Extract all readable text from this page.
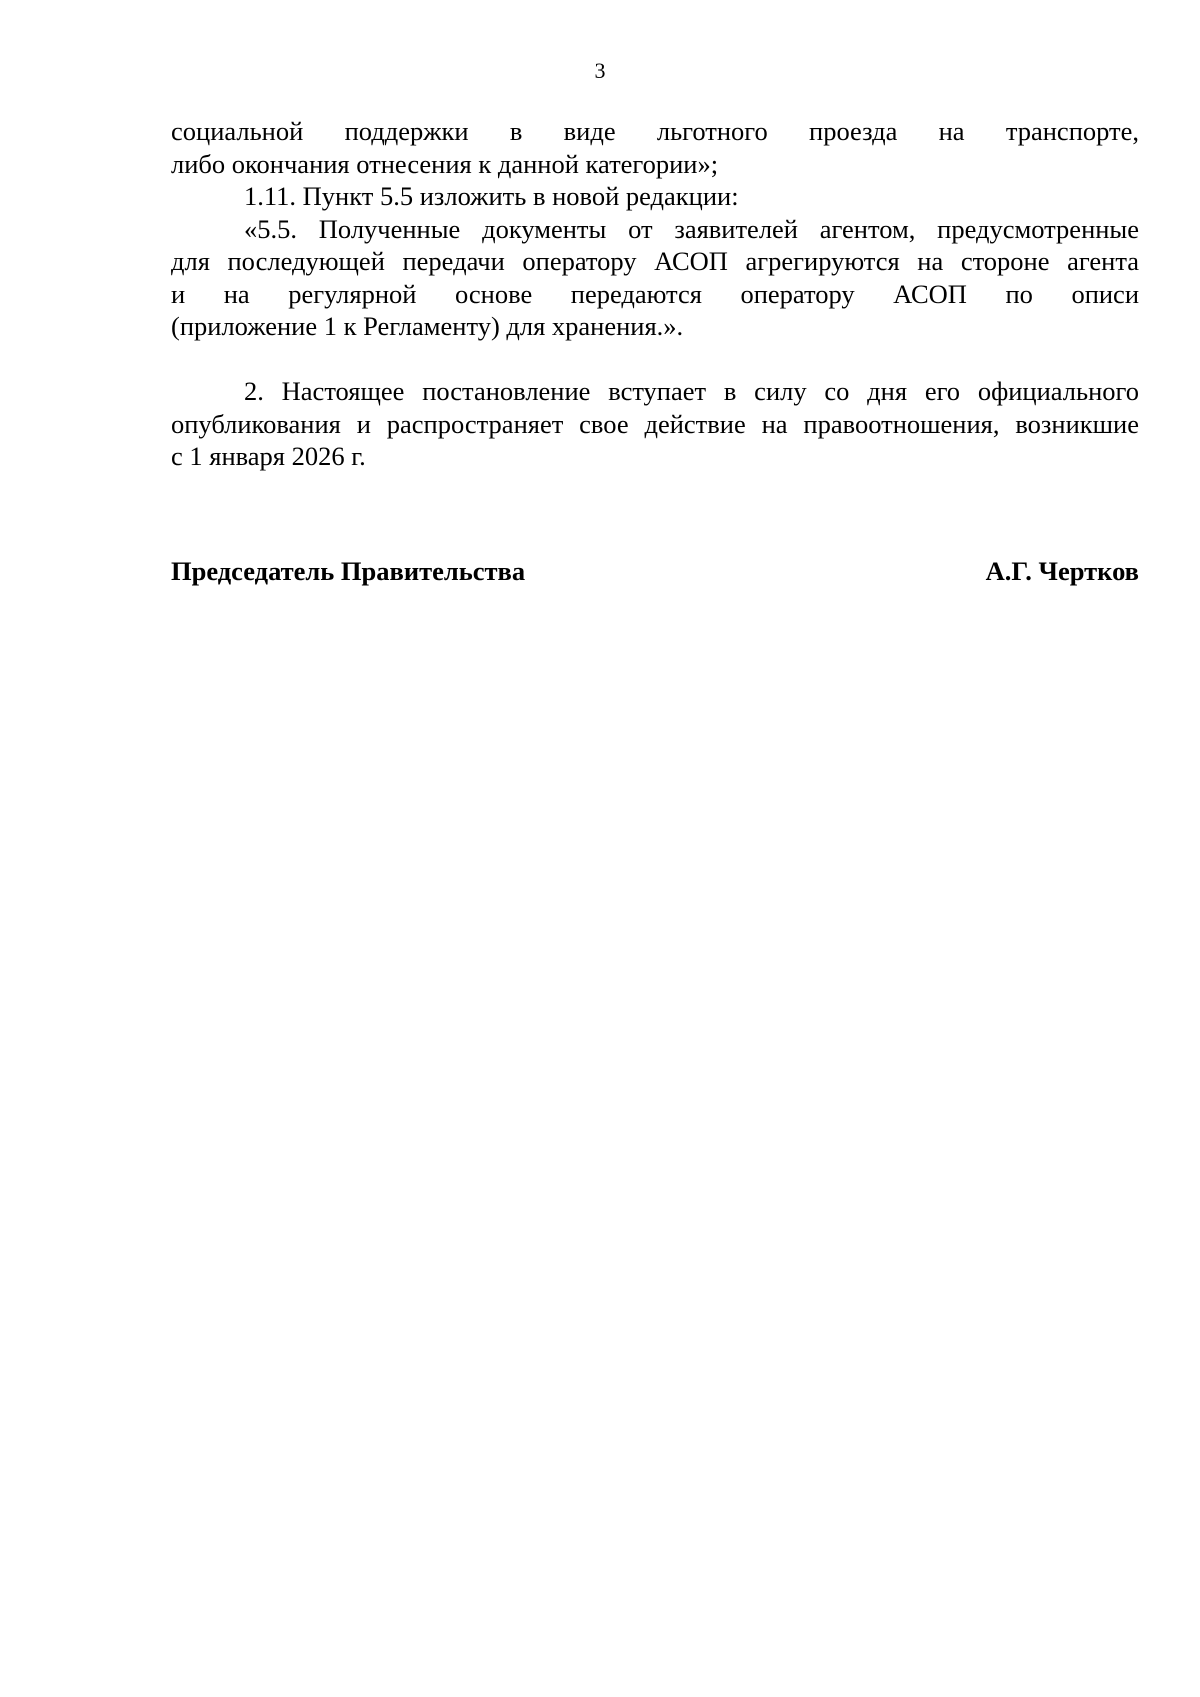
3
социальной поддержки в виде льготного проезда на транспорте,
либо окончания отнесения к данной категории»;
1.11. Пункт 5.5 изложить в новой редакции:
«5.5. Полученные документы от заявителей агентом, предусмотренные
для последующей передачи оператору АСОП агрегируются на стороне агента
и на регулярной основе передаются оператору АСОП по описи
(приложение 1 к Регламенту) для хранения.».
2. Настоящее постановление вступает в силу со дня его официального
опубликования и распространяет свое действие на правоотношения, возникшие
с 1 января 2026 г.
Председатель Правительства	А.Г. Чертков
